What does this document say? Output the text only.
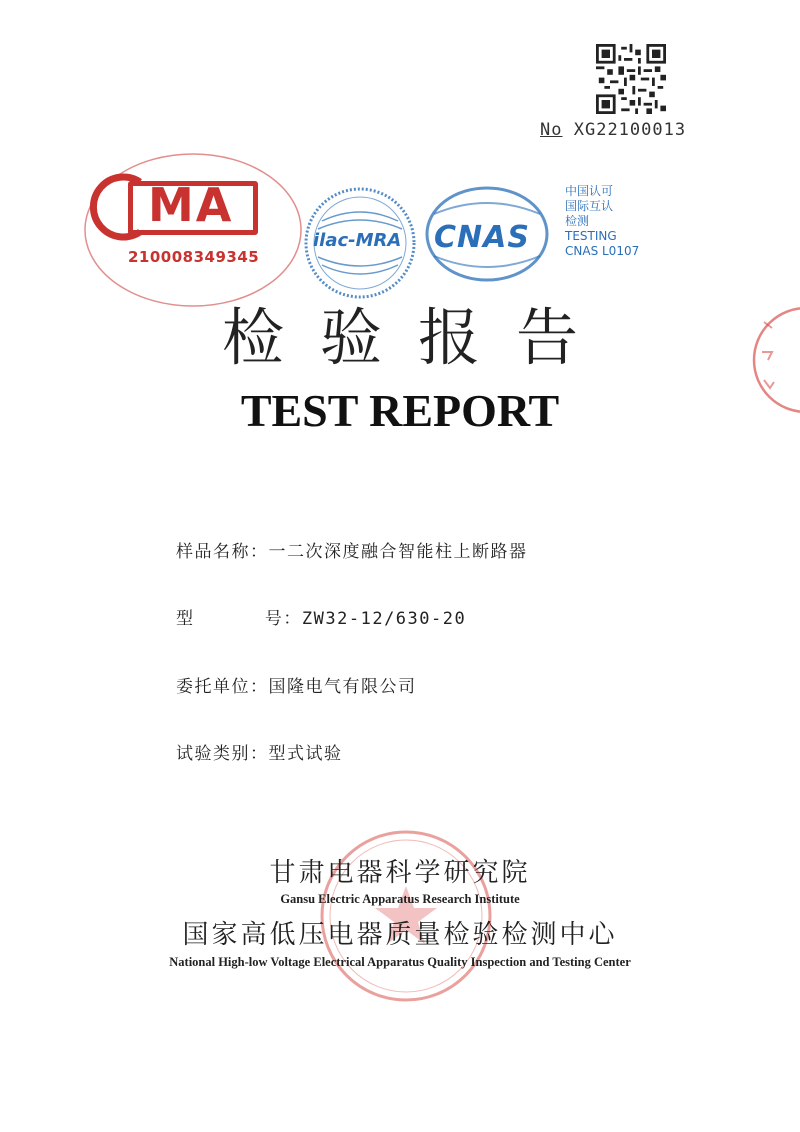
No XG22100013
MA
210008349345
ilac-MRA CNAS
中国认可
国际互认
检测
TESTING
CNAS L0107
检验报告
TEST REPORT
样品名称：一二次深度融合智能柱上断路器
型      号：ZW32-12/630-20
委托单位：国隆电气有限公司
试验类别：型式试验
甘肃电器科学研究院
Gansu Electric Apparatus Research Institute
国家高低压电器质量检验检测中心
National High-low Voltage Electrical Apparatus Quality Inspection and Testing Center
